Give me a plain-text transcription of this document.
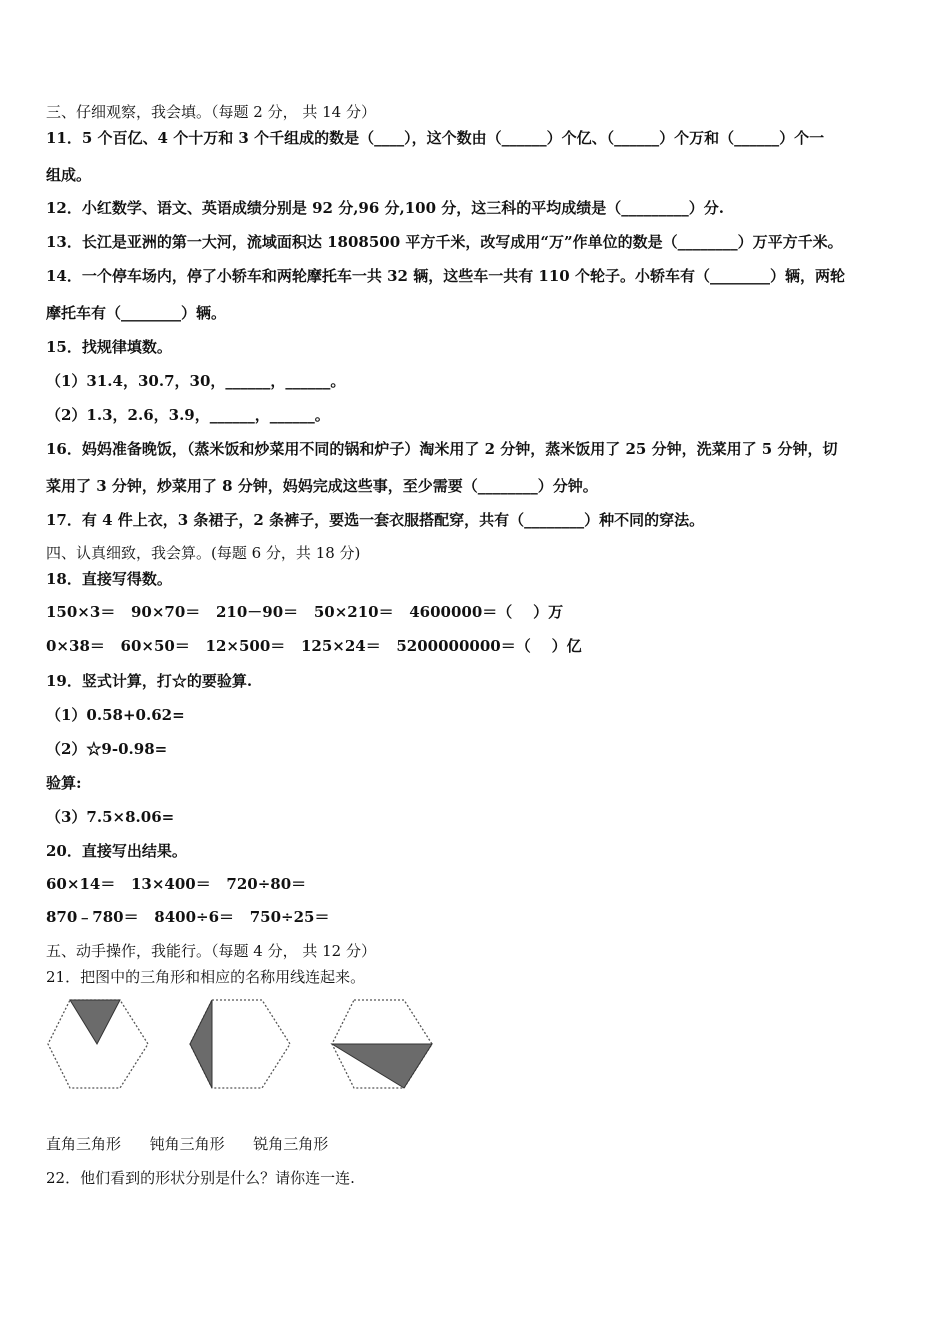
三、仔细观察，我会填。（每题 2 分， 共 14 分）
11．5 个百亿、4 个十万和 3 个千组成的数是（____），这个数由（______）个亿、（______）个万和（______）个一
组成。
12．小红数学、语文、英语成绩分别是 92 分,96 分,100 分，这三科的平均成绩是（_________）分.
13．长江是亚洲的第一大河，流域面积达 1808500 平方千米，改写成用“万”作单位的数是（________）万平方千米。
14．一个停车场内，停了小轿车和两轮摩托车一共 32 辆，这些车一共有 110 个轮子。小轿车有（________）辆，两轮
摩托车有（________）辆。
15．找规律填数。
（1）31.4，30.7，30，______，______。
（2）1.3，2.6，3.9，______，______。
16．妈妈准备晚饭，（蒸米饭和炒菜用不同的锅和炉子）淘米用了 2 分钟，蒸米饭用了 25 分钟，洗菜用了 5 分钟，切
菜用了 3 分钟，炒菜用了 8 分钟，妈妈完成这些事，至少需要（________）分钟。
17．有 4 件上衣，3 条裙子，2 条裤子，要选一套衣服搭配穿，共有（________）种不同的穿法。
四、认真细致，我会算。(每题 6 分，共 18 分)
18．直接写得数。
150×3＝   90×70＝   210－90＝   50×210＝   4600000＝（    ）万
0×38＝   60×50＝   12×500＝   125×24＝   5200000000＝（    ）亿
19．竖式计算，打☆的要验算.
（1）0.58+0.62=
（2）☆9-0.98=
验算:
（3）7.5×8.06=
20．直接写出结果。
60×14＝   13×400＝   720÷80＝
870﹣780＝   8400÷6＝   750÷25＝
五、动手操作，我能行。（每题 4 分， 共 12 分）
21．把图中的三角形和相应的名称用线连起来。
直角三角形      钝角三角形      锐角三角形
22．他们看到的形状分别是什么？请你连一连.
